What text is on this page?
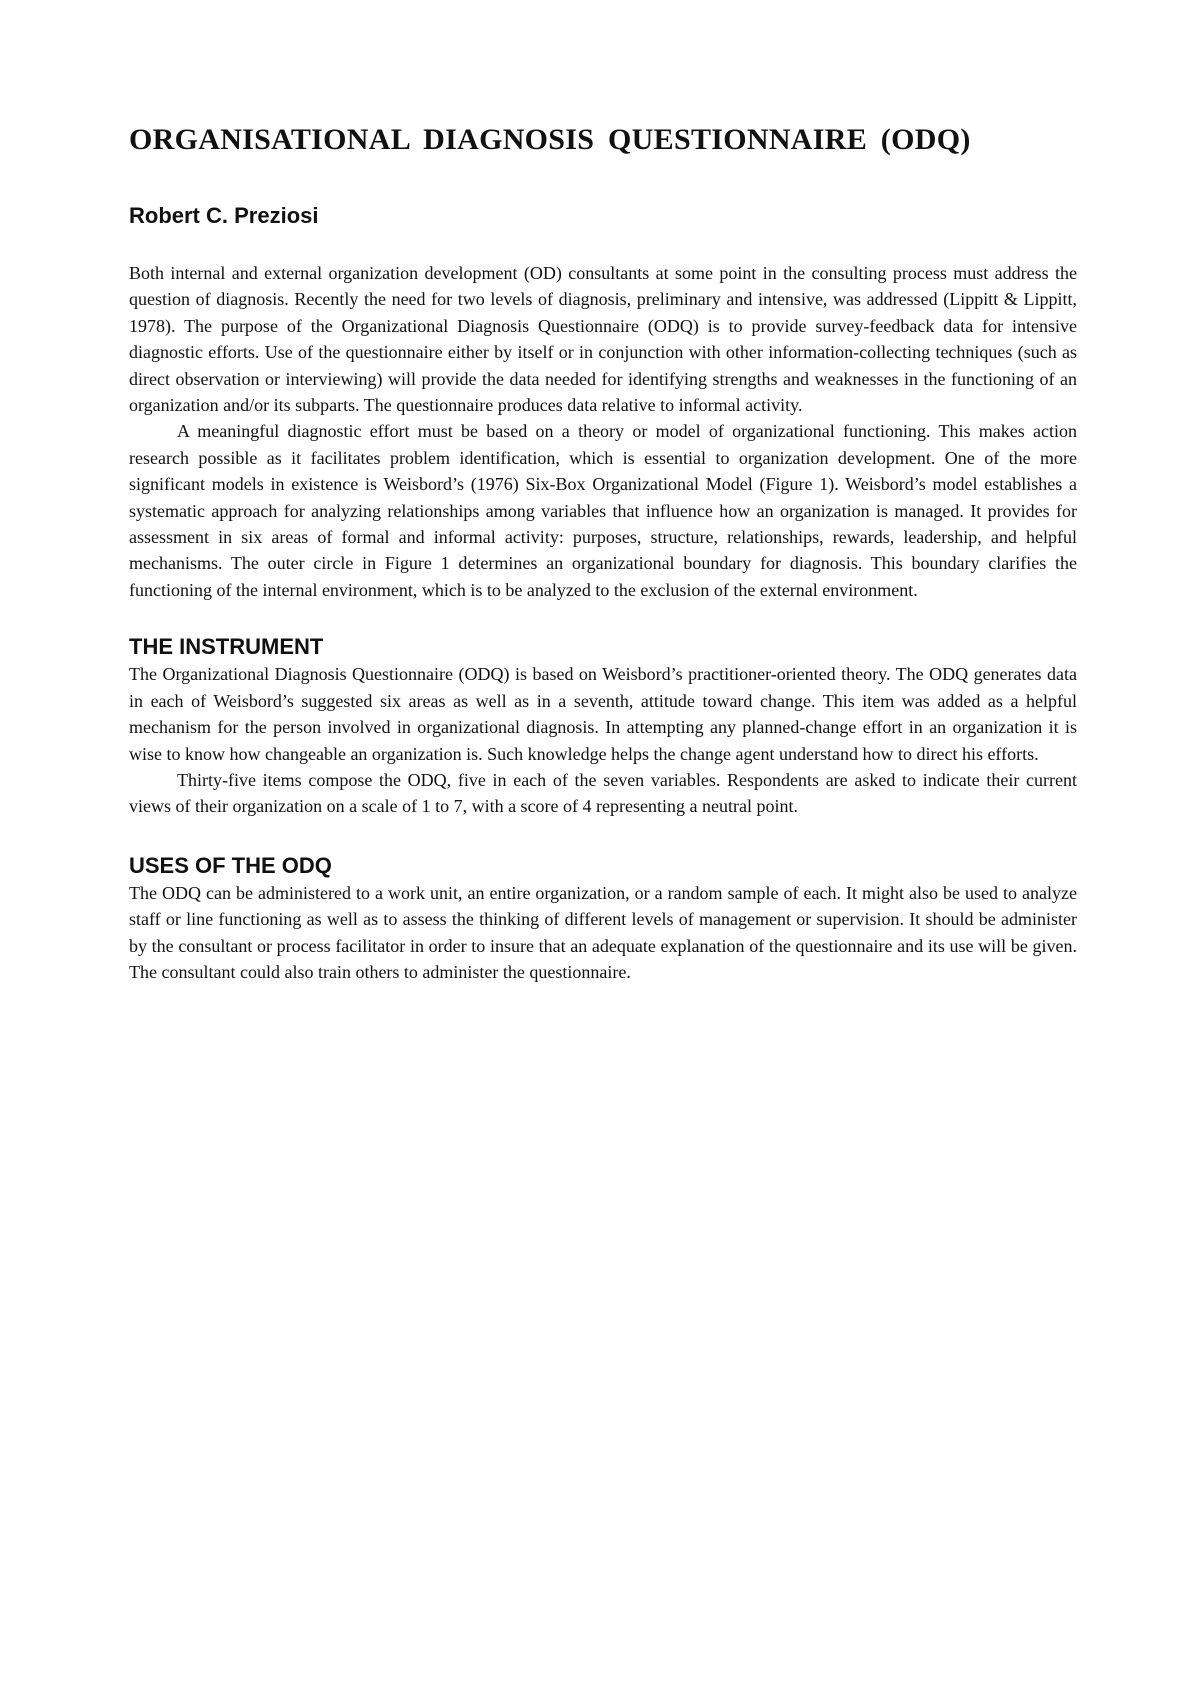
ORGANISATIONAL DIAGNOSIS QUESTIONNAIRE (ODQ)
Robert C. Preziosi

Both internal and external organization development (OD) consultants at some point in the consulting process must address the question of diagnosis. Recently the need for two levels of diagnosis, preliminary and intensive, was addressed (Lippitt & Lippitt, 1978). The purpose of the Organizational Diagnosis Questionnaire (ODQ) is to provide survey-feedback data for intensive diagnostic efforts. Use of the questionnaire either by itself or in conjunction with other information-collecting techniques (such as direct observation or interviewing) will provide the data needed for identifying strengths and weaknesses in the functioning of an organization and/or its subparts. The questionnaire produces data relative to informal activity.

A meaningful diagnostic effort must be based on a theory or model of organizational functioning. This makes action research possible as it facilitates problem identification, which is essential to organization development. One of the more significant models in existence is Weisbord’s (1976) Six-Box Organizational Model (Figure 1). Weisbord’s model establishes a systematic approach for analyzing relationships among variables that influence how an organization is managed. It provides for assessment in six areas of formal and informal activity: purposes, structure, relationships, rewards, leadership, and helpful mechanisms. The outer circle in Figure 1 determines an organizational boundary for diagnosis. This boundary clarifies the functioning of the internal environment, which is to be analyzed to the exclusion of the external environment.

THE INSTRUMENT

The Organizational Diagnosis Questionnaire (ODQ) is based on Weisbord’s practitioner-oriented theory. The ODQ generates data in each of Weisbord’s suggested six areas as well as in a seventh, attitude toward change. This item was added as a helpful mechanism for the person involved in organizational diagnosis. In attempting any planned-change effort in an organization it is wise to know how changeable an organization is. Such knowledge helps the change agent understand how to direct his efforts.

Thirty-five items compose the ODQ, five in each of the seven variables. Respondents are asked to indicate their current views of their organization on a scale of 1 to 7, with a score of 4 representing a neutral point.

USES OF THE ODQ

The ODQ can be administered to a work unit, an entire organization, or a random sample of each. It might also be used to analyze staff or line functioning as well as to assess the thinking of different levels of management or supervision. It should be administer by the consultant or process facilitator in order to insure that an adequate explanation of the questionnaire and its use will be given. The consultant could also train others to administer the questionnaire.
